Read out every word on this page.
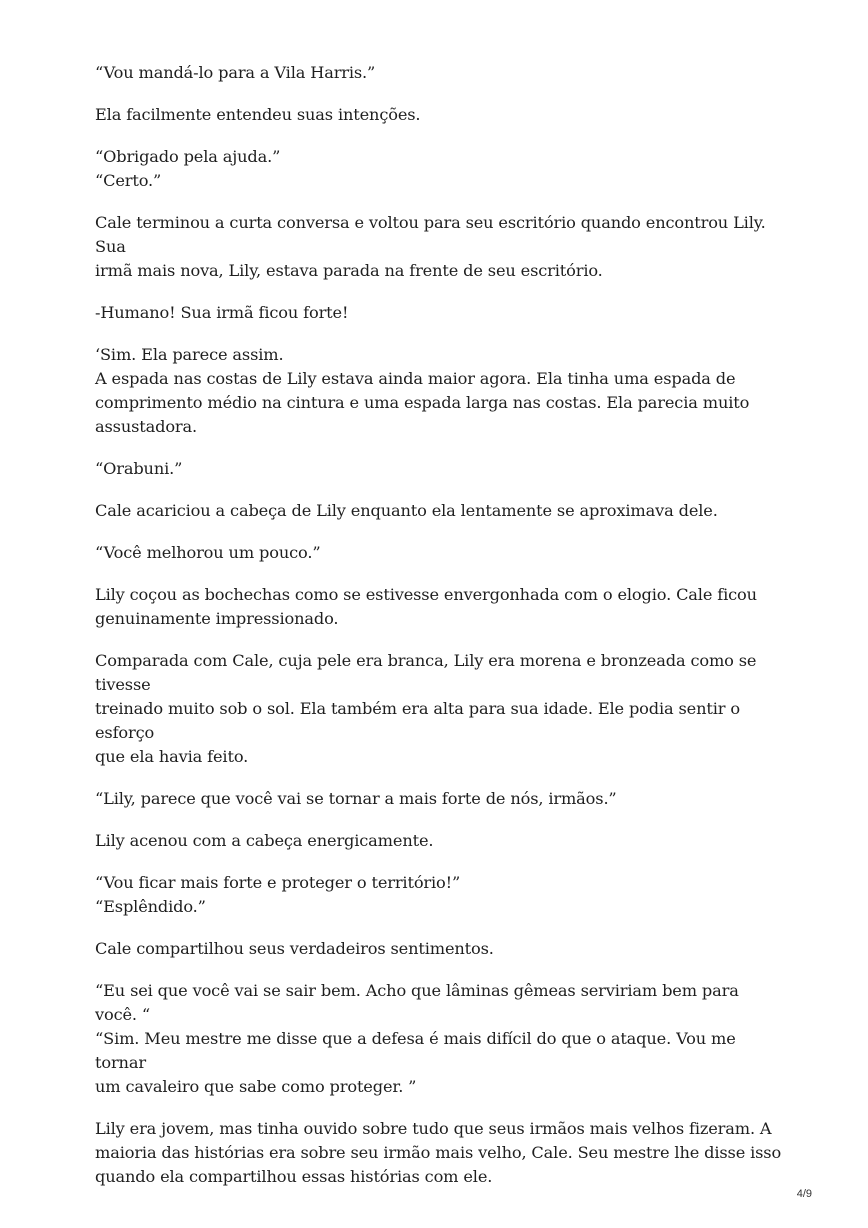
“Vou mandá-lo para a Vila Harris.”

Ela facilmente entendeu suas intenções.

“Obrigado pela ajuda.”
“Certo.”

Cale terminou a curta conversa e voltou para seu escritório quando encontrou Lily. Sua
irmã mais nova, Lily, estava parada na frente de seu escritório.

-Humano! Sua irmã ficou forte!

‘Sim. Ela parece assim.
A espada nas costas de Lily estava ainda maior agora. Ela tinha uma espada de
comprimento médio na cintura e uma espada larga nas costas. Ela parecia muito
assustadora.

“Orabuni.”

Cale acariciou a cabeça de Lily enquanto ela lentamente se aproximava dele.

“Você melhorou um pouco.”

Lily coçou as bochechas como se estivesse envergonhada com o elogio. Cale ficou
genuinamente impressionado.

Comparada com Cale, cuja pele era branca, Lily era morena e bronzeada como se tivesse
treinado muito sob o sol. Ela também era alta para sua idade. Ele podia sentir o esforço
que ela havia feito.

“Lily, parece que você vai se tornar a mais forte de nós, irmãos.”

Lily acenou com a cabeça energicamente.

“Vou ficar mais forte e proteger o território!”
“Esplêndido.”

Cale compartilhou seus verdadeiros sentimentos.

“Eu sei que você vai se sair bem. Acho que lâminas gêmeas serviriam bem para você. “
“Sim. Meu mestre me disse que a defesa é mais difícil do que o ataque. Vou me tornar
um cavaleiro que sabe como proteger. ”

Lily era jovem, mas tinha ouvido sobre tudo que seus irmãos mais velhos fizeram. A
maioria das histórias era sobre seu irmão mais velho, Cale. Seu mestre lhe disse isso
quando ela compartilhou essas histórias com ele.

4/9
